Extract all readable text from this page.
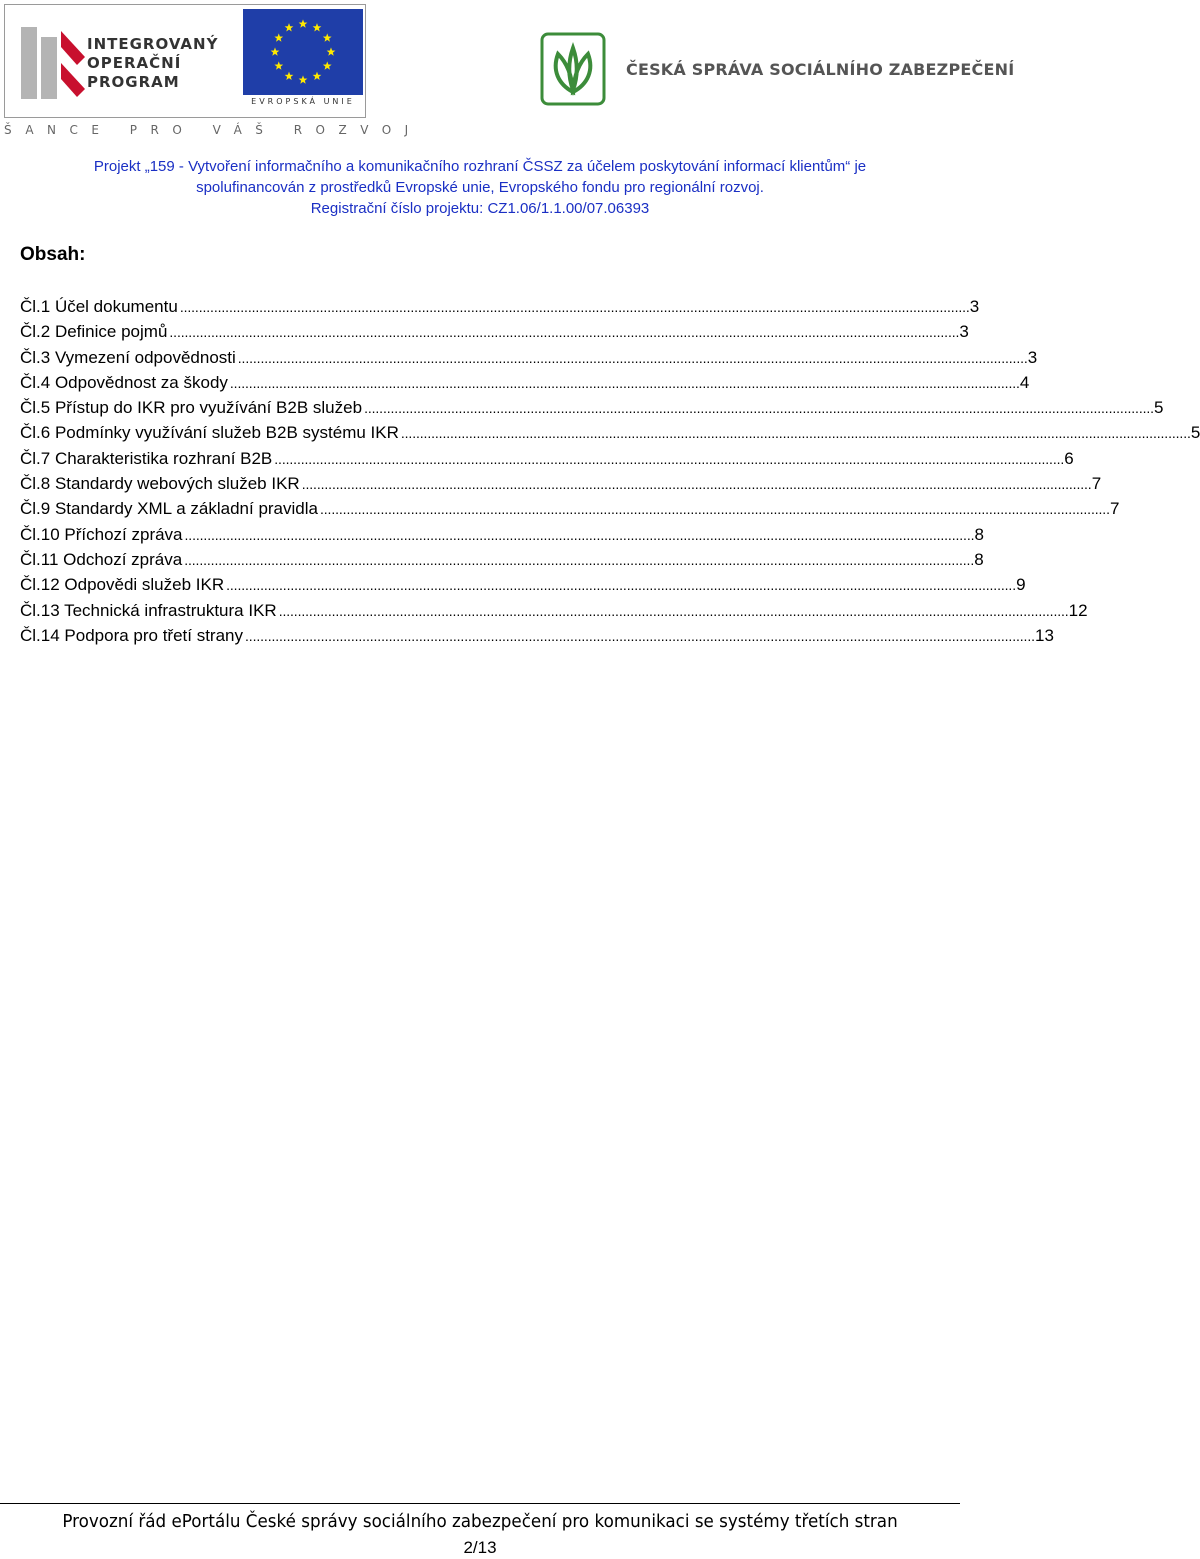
INTEGROVANÝ
OPERAČNÍ
PROGRAM
EVROPSKÁ UNIE
ŠANCE PRO VÁŠ ROZVOJ
ČESKÁ SPRÁVA SOCIÁLNÍHO ZABEZPEČENÍ
Projekt „159 - Vytvoření informačního a komunikačního rozhraní ČSSZ za účelem poskytování informací klientům“ je
spolufinancován z prostředků Evropské unie, Evropského fondu pro regionální rozvoj.
Registrační číslo projektu: CZ1.06/1.1.00/07.06393
Obsah:
Čl.1 Účel dokumentu . . .	3
Čl.2 Definice pojmů . . .	3
Čl.3 Vymezení odpovědnosti . . .	3
Čl.4 Odpovědnost za škody . . .	4
Čl.5 Přístup do IKR pro využívání B2B služeb . . .	5
Čl.6 Podmínky využívání služeb B2B systému IKR . . .	5
Čl.7 Charakteristika rozhraní B2B . . .	6
Čl.8 Standardy webových služeb IKR . . .	7
Čl.9 Standardy XML a základní pravidla . . .	7
Čl.10 Příchozí zpráva . . .	8
Čl.11 Odchozí zpráva . . .	8
Čl.12 Odpovědi služeb IKR . . .	9
Čl.13 Technická infrastruktura IKR . . .	12
Čl.14 Podpora pro třetí strany . . .	13
Provozní řád ePortálu České správy sociálního zabezpečení pro komunikaci se systémy třetích stran
2/13
